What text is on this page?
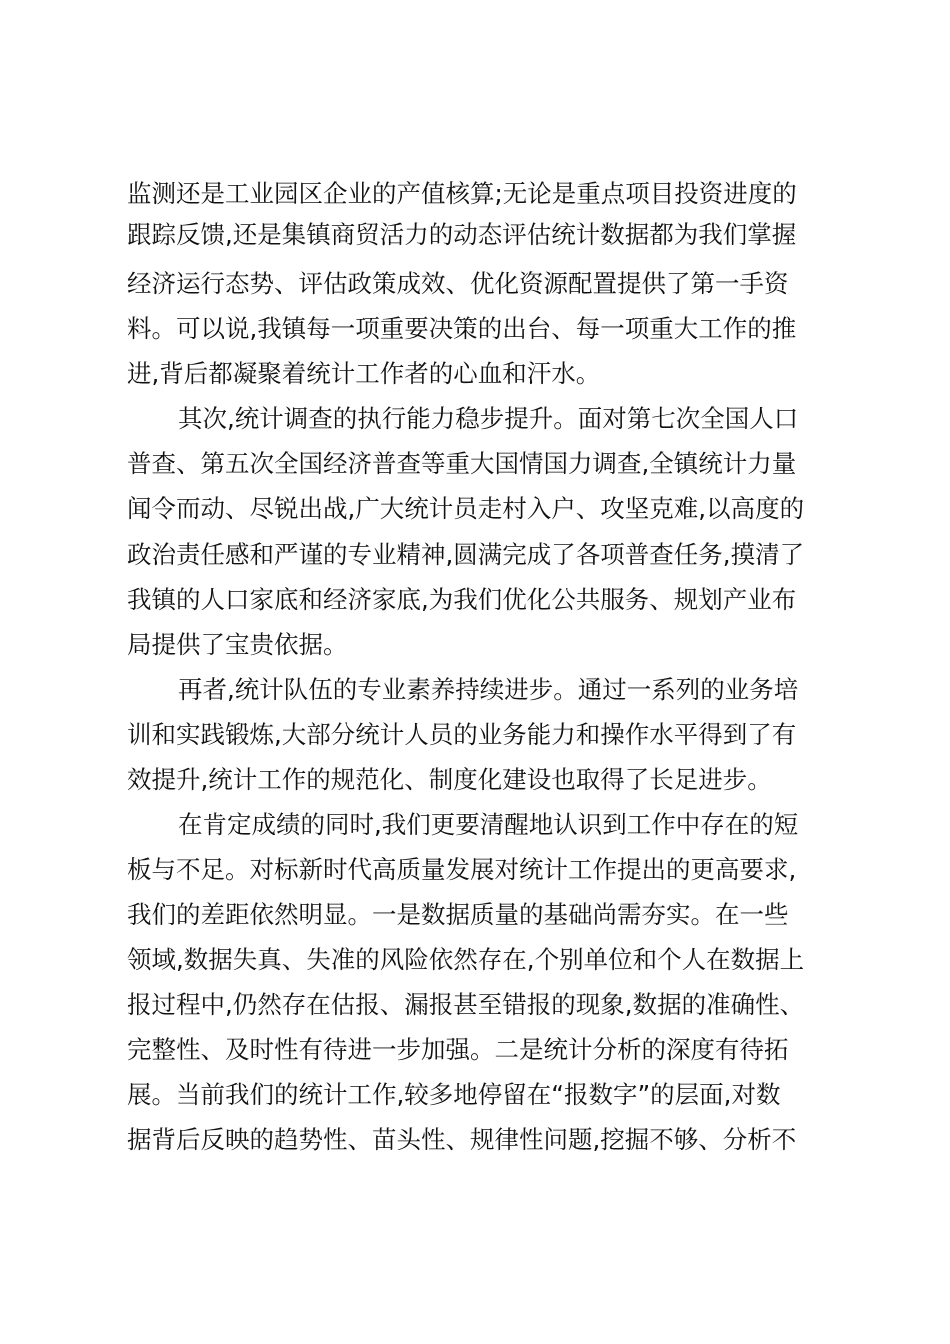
监测还是工业园区企业的产值核算;无论是重点项目投资进度的
跟踪反馈,还是集镇商贸活力的动态评估统计数据都为我们掌握
经济运行态势、评估政策成效、优化资源配置提供了第一手资
料。可以说,我镇每一项重要决策的出台、每一项重大工作的推
进,背后都凝聚着统计工作者的心血和汗水。
其次,统计调查的执行能力稳步提升。面对第七次全国人口
普查、第五次全国经济普查等重大国情国力调查,全镇统计力量
闻令而动、尽锐出战,广大统计员走村入户、攻坚克难,以高度的
政治责任感和严谨的专业精神,圆满完成了各项普查任务,摸清了
我镇的人口家底和经济家底,为我们优化公共服务、规划产业布
局提供了宝贵依据。
再者,统计队伍的专业素养持续进步。通过一系列的业务培
训和实践锻炼,大部分统计人员的业务能力和操作水平得到了有
效提升,统计工作的规范化、制度化建设也取得了长足进步。
在肯定成绩的同时,我们更要清醒地认识到工作中存在的短
板与不足。对标新时代高质量发展对统计工作提出的更高要求,
我们的差距依然明显。一是数据质量的基础尚需夯实。在一些
领域,数据失真、失准的风险依然存在,个别单位和个人在数据上
报过程中,仍然存在估报、漏报甚至错报的现象,数据的准确性、
完整性、及时性有待进一步加强。二是统计分析的深度有待拓
展。当前我们的统计工作,较多地停留在“报数字”的层面,对数
据背后反映的趋势性、苗头性、规律性问题,挖掘不够、分析不
